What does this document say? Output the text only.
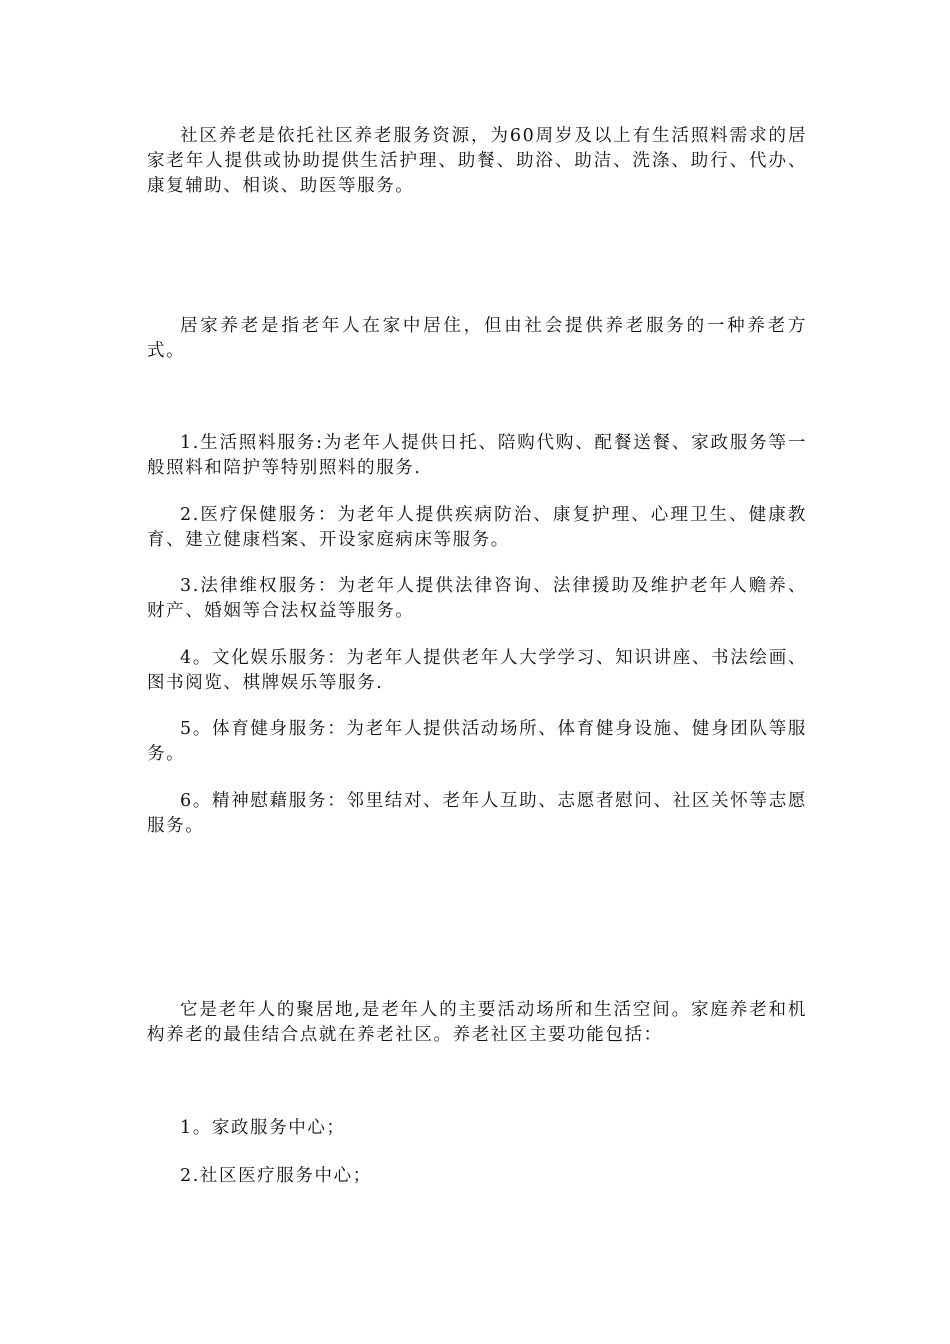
社区养老是依托社区养老服务资源，为60周岁及以上有生活照料需求的居家老年人提供或协助提供生活护理、助餐、助浴、助洁、洗涤、助行、代办、康复辅助、相谈、助医等服务。

居家养老是指老年人在家中居住，但由社会提供养老服务的一种养老方式。

1.生活照料服务:为老年人提供日托、陪购代购、配餐送餐、家政服务等一般照料和陪护等特别照料的服务.

2.医疗保健服务：为老年人提供疾病防治、康复护理、心理卫生、健康教育、建立健康档案、开设家庭病床等服务。

3.法律维权服务：为老年人提供法律咨询、法律援助及维护老年人赡养、财产、婚姻等合法权益等服务。

4。文化娱乐服务：为老年人提供老年人大学学习、知识讲座、书法绘画、图书阅览、棋牌娱乐等服务.

5。体育健身服务：为老年人提供活动场所、体育健身设施、健身团队等服务。

6。精神慰藉服务：邻里结对、老年人互助、志愿者慰问、社区关怀等志愿服务。

它是老年人的聚居地,是老年人的主要活动场所和生活空间。家庭养老和机构养老的最佳结合点就在养老社区。养老社区主要功能包括：

1。家政服务中心；

2.社区医疗服务中心；
